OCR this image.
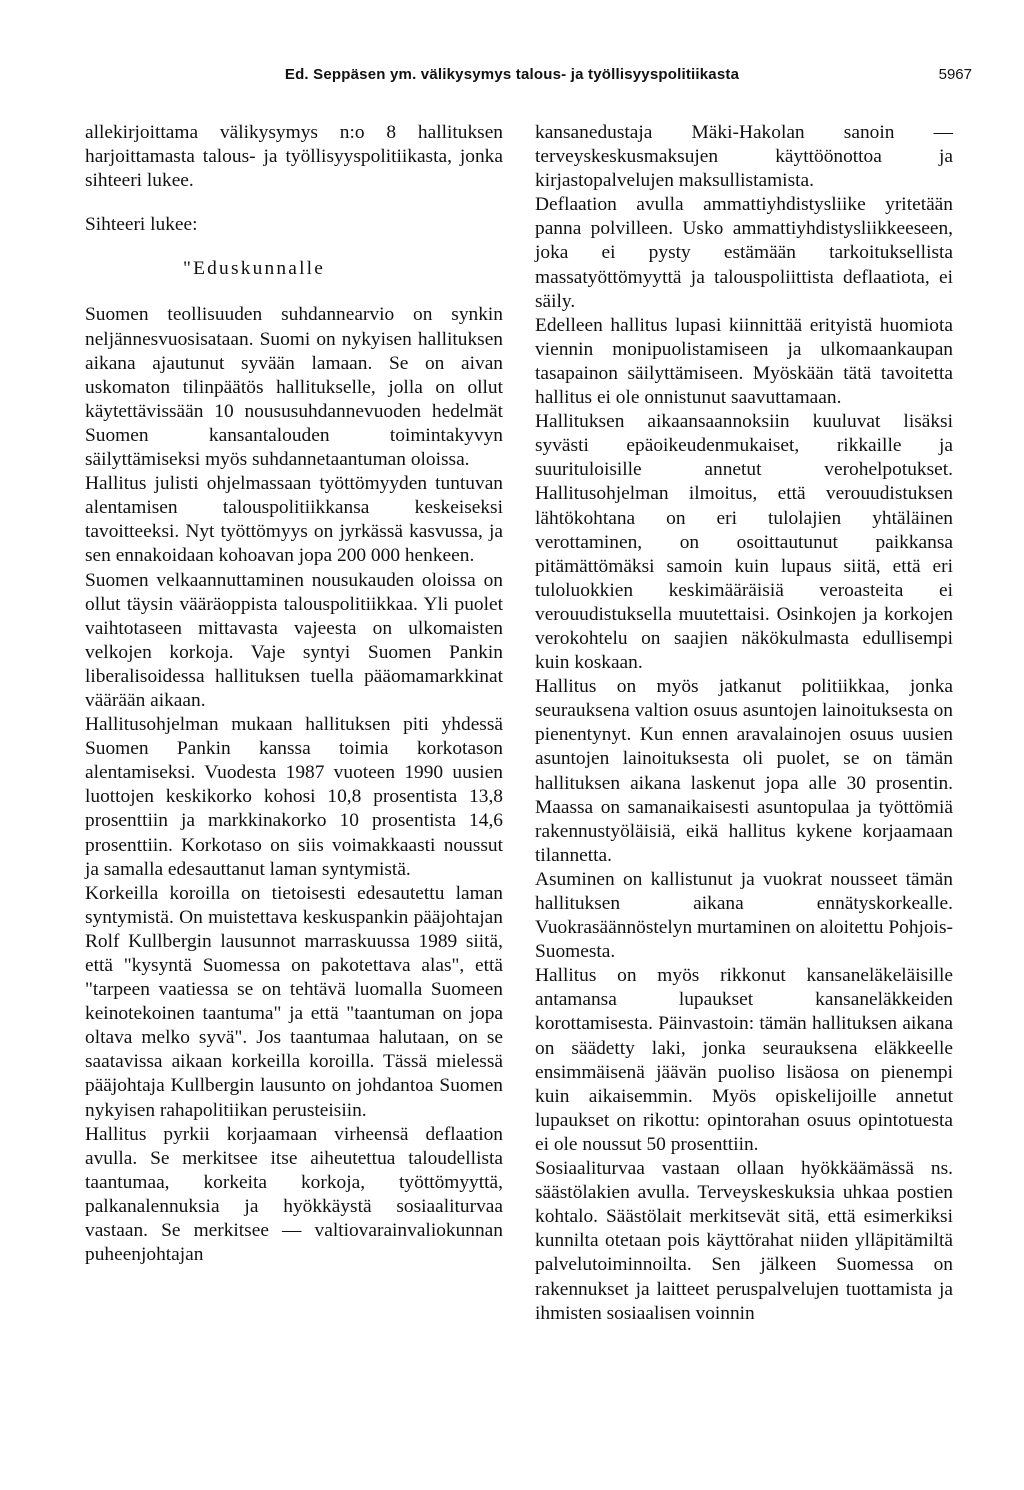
Ed. Seppäsen ym. välikysymys talous- ja työllisyyspolitiikasta	5967

allekirjoittama välikysymys n:o 8 hallituksen harjoittamasta talous- ja työllisyyspolitiikasta, jonka sihteeri lukee.

Sihteeri lukee:

"Eduskunnalle

Suomen teollisuuden suhdannearvio on synkin neljännesvuosisataan. Suomi on nykyisen hallituksen aikana ajautunut syvään lamaan. Se on aivan uskomaton tilinpäätös hallitukselle, jolla on ollut käytettävissään 10 noususuhdannevuoden hedelmät Suomen kansantalouden toimintakyvyn säilyttämiseksi myös suhdannetaantuman oloissa.

Hallitus julisti ohjelmassaan työttömyyden tuntuvan alentamisen talouspolitiikkansa keskeiseksi tavoitteeksi. Nyt työttömyys on jyrkässä kasvussa, ja sen ennakoidaan kohoavan jopa 200 000 henkeen.

Suomen velkaannuttaminen nousukauden oloissa on ollut täysin vääräoppista talouspolitiikkaa. Yli puolet vaihtotaseen mittavasta vajeesta on ulkomaisten velkojen korkoja. Vaje syntyi Suomen Pankin liberalisoidessa hallituksen tuella pääomamarkkinat väärään aikaan.

Hallitusohjelman mukaan hallituksen piti yhdessä Suomen Pankin kanssa toimia korkotason alentamiseksi. Vuodesta 1987 vuoteen 1990 uusien luottojen keskikorko kohosi 10,8 prosentista 13,8 prosenttiin ja markkinakorko 10 prosentista 14,6 prosenttiin. Korkotaso on siis voimakkaasti noussut ja samalla edesauttanut laman syntymistä.

Korkeilla koroilla on tietoisesti edesautettu laman syntymistä. On muistettava keskuspankin pääjohtajan Rolf Kullbergin lausunnot marraskuussa 1989 siitä, että "kysyntä Suomessa on pakotettava alas", että "tarpeen vaatiessa se on tehtävä luomalla Suomeen keinotekoinen taantuma" ja että "taantuman on jopa oltava melko syvä". Jos taantumaa halutaan, on se saatavissa aikaan korkeilla koroilla. Tässä mielessä pääjohtaja Kullbergin lausunto on johdantoa Suomen nykyisen rahapolitiikan perusteisiin.

Hallitus pyrkii korjaamaan virheensä deflaation avulla. Se merkitsee itse aiheutettua taloudellista taantumaa, korkeita korkoja, työttömyyttä, palkanalennuksia ja hyökkäystä sosiaaliturvaa vastaan. Se merkitsee — valtiovarainvaliokunnan puheenjohtajan

kansanedustaja Mäki-Hakolan sanoin — terveyskeskusmaksujen käyttöönottoa ja kirjastopalvelujen maksullistamista.

Deflaation avulla ammattiyhdistysliike yritetään panna polvilleen. Usko ammattiyhdistysliikkeeseen, joka ei pysty estämään tarkoituksellista massatyöttömyyttä ja talouspoliittista deflaatiota, ei säily.

Edelleen hallitus lupasi kiinnittää erityistä huomiota viennin monipuolistamiseen ja ulkomaankaupan tasapainon säilyttämiseen. Myöskään tätä tavoitetta hallitus ei ole onnistunut saavuttamaan.

Hallituksen aikaansaannoksiin kuuluvat lisäksi syvästi epäoikeudenmukaiset, rikkaille ja suurituloisille annetut verohelpotukset. Hallitusohjelman ilmoitus, että verouudistuksen lähtökohtana on eri tulolajien yhtäläinen verottaminen, on osoittautunut paikkansa pitämättömäksi samoin kuin lupaus siitä, että eri tuloluokkien keskimääräisiä veroasteita ei verouudistuksella muutettaisi. Osinkojen ja korkojen verokohtelu on saajien näkökulmasta edullisempi kuin koskaan.

Hallitus on myös jatkanut politiikkaa, jonka seurauksena valtion osuus asuntojen lainoituksesta on pienentynyt. Kun ennen aravalainojen osuus uusien asuntojen lainoituksesta oli puolet, se on tämän hallituksen aikana laskenut jopa alle 30 prosentin. Maassa on samanaikaisesti asuntopulaa ja työttömiä rakennustyöläisiä, eikä hallitus kykene korjaamaan tilannetta.

Asuminen on kallistunut ja vuokrat nousseet tämän hallituksen aikana ennätyskorkealle. Vuokrasäännöstelyn murtaminen on aloitettu Pohjois-Suomesta.

Hallitus on myös rikkonut kansaneläkeläisille antamansa lupaukset kansaneläkkeiden korottamisesta. Päinvastoin: tämän hallituksen aikana on säädetty laki, jonka seurauksena eläkkeelle ensimmäisenä jäävän puoliso lisäosa on pienempi kuin aikaisemmin. Myös opiskelijoille annetut lupaukset on rikottu: opintorahan osuus opintotuesta ei ole noussut 50 prosenttiin.

Sosiaaliturvaa vastaan ollaan hyökkäämässä ns. säästölakien avulla. Terveyskeskuksia uhkaa postien kohtalo. Säästölait merkitsevät sitä, että esimerkiksi kunnilta otetaan pois käyttörahat niiden ylläpitämiltä palvelutoiminnoilta. Sen jälkeen Suomessa on rakennukset ja laitteet peruspalvelujen tuottamista ja ihmisten sosiaalisen voinnin
